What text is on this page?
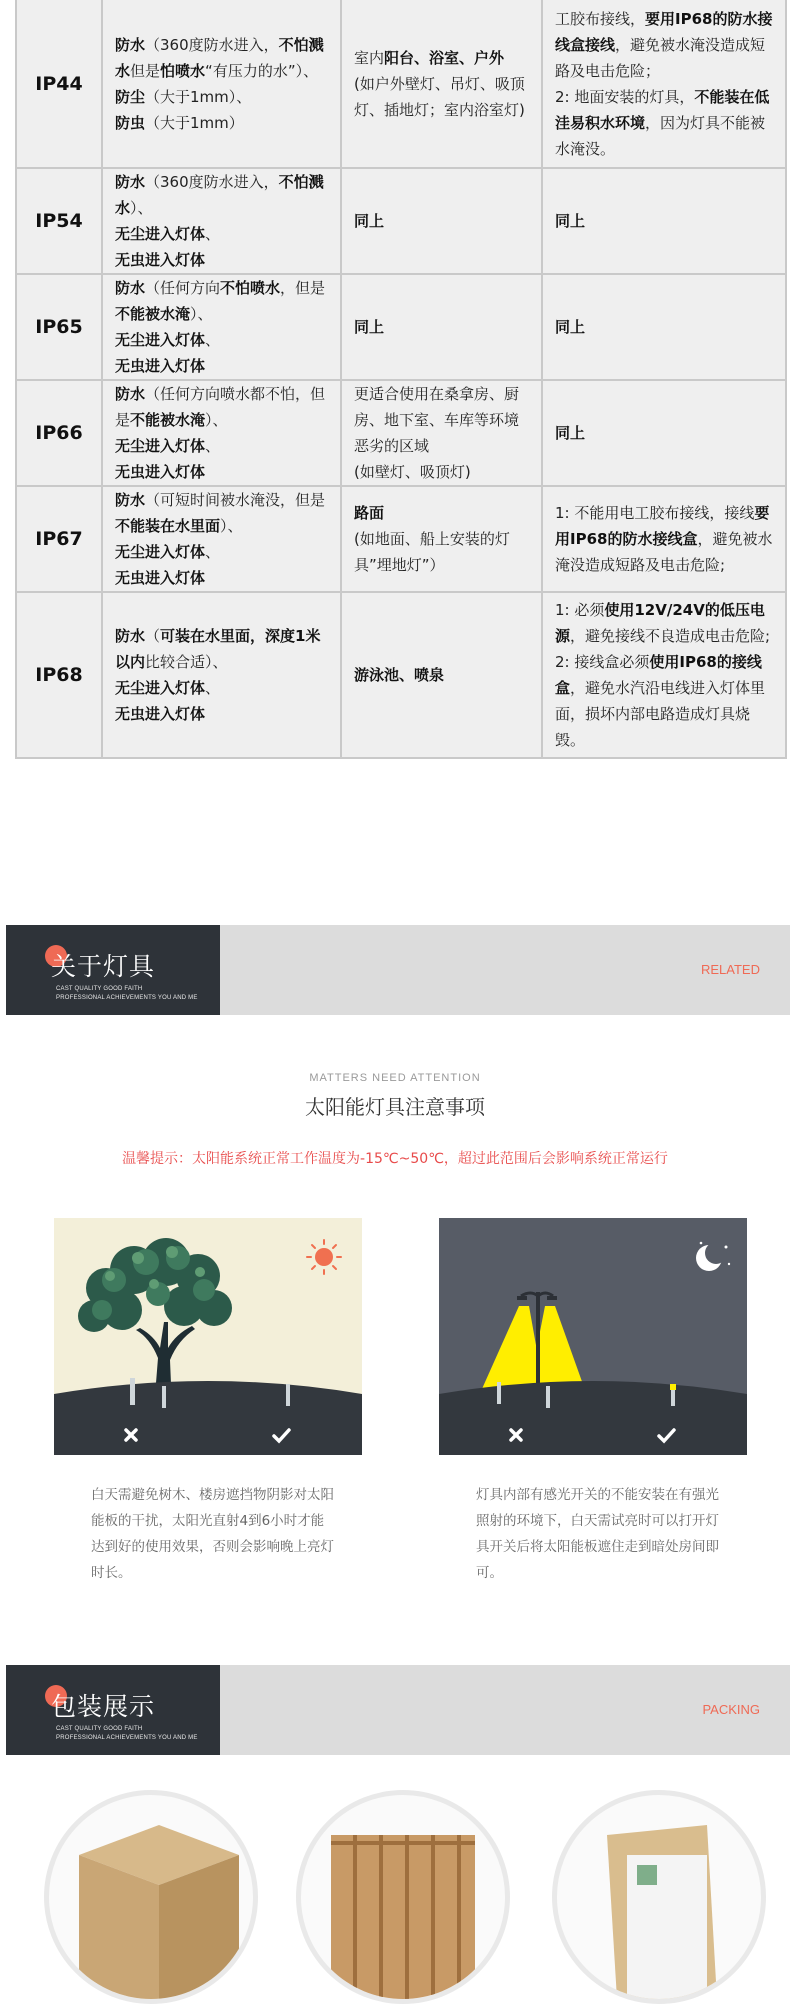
IP44	防水（360度防水进入，不怕溅水但是怕喷水“有压力的水”）、
防尘（大于1mm）、
防虫（大于1mm）	室内阳台、浴室、户外
(如户外壁灯、吊灯、吸顶灯、插地灯；室内浴室灯)	工胶布接线，要用IP68的防水接线盒接线，避免被水淹没造成短路及电击危险；
2: 地面安装的灯具，不能装在低洼易积水环境，因为灯具不能被水淹没。
IP54	防水（360度防水进入，不怕溅水）、
无尘进入灯体、
无虫进入灯体	同上	同上
IP65	防水（任何方向不怕喷水，但是不能被水淹）、
无尘进入灯体、
无虫进入灯体	同上	同上
IP66	防水（任何方向喷水都不怕，但是不能被水淹）、
无尘进入灯体、
无虫进入灯体	更适合使用在桑拿房、厨房、地下室、车库等环境恶劣的区域
(如壁灯、吸顶灯)	同上
IP67	防水（可短时间被水淹没，但是不能装在水里面）、
无尘进入灯体、
无虫进入灯体	路面
(如地面、船上安装的灯具”埋地灯”）	1: 不能用电工胶布接线，接线要用IP68的防水接线盒，避免被水淹没造成短路及电击危险;
IP68	防水（可装在水里面，深度1米以内比较合适）、
无尘进入灯体、
无虫进入灯体	游泳池、喷泉	1: 必须使用12V/24V的低压电源，避免接线不良造成电击危险;
2: 接线盒必须使用IP68的接线盒，避免水汽沿电线进入灯体里面，损坏内部电路造成灯具烧毁。
关于灯具
CAST QUALITY GOOD FAITH
PROFESSIONAL ACHIEVEMENTS YOU AND ME
RELATED
MATTERS NEED ATTENTION
太阳能灯具注意事项
温馨提示：太阳能系统正常工作温度为-15℃~50℃，超过此范围后会影响系统正常运行
白天需避免树木、楼房遮挡物阴影对太阳能板的干扰，太阳光直射4到6小时才能达到好的使用效果，否则会影响晚上亮灯时长。
灯具内部有感光开关的不能安装在有强光照射的环境下，白天需试亮时可以打开灯具开关后将太阳能板遮住走到暗处房间即可。
包装展示
CAST QUALITY GOOD FAITH
PROFESSIONAL ACHIEVEMENTS YOU AND ME
PACKING
